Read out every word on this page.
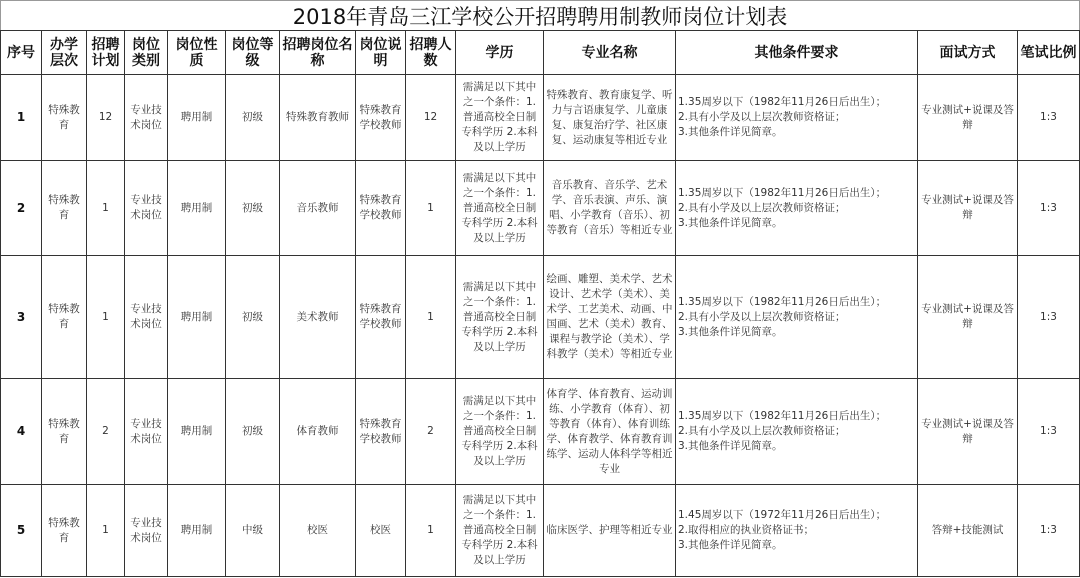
2018年青岛三江学校公开招聘聘用制教师岗位计划表
序号	办学层次	招聘计划	岗位类别	岗位性质	岗位等级	招聘岗位名称	岗位说明	招聘人数	学历	专业名称	其他条件要求	面试方式	笔试比例
1	特殊教育	12	专业技术岗位	聘用制	初级	特殊教育教师	特殊教育学校教师	12	需满足以下其中之一个条件：1.普通高校全日制专科学历 2.本科及以上学历	特殊教育、教育康复学、听力与言语康复学、儿童康复、康复治疗学、社区康复、运动康复等相近专业	1.35周岁以下（1982年11月26日后出生）；
2.具有小学及以上层次教师资格证；
3.其他条件详见简章。	专业测试+说课及答辩	1:3
2	特殊教育	1	专业技术岗位	聘用制	初级	音乐教师	特殊教育学校教师	1	需满足以下其中之一个条件：1.普通高校全日制专科学历 2.本科及以上学历	音乐教育、音乐学、艺术学、音乐表演、声乐、演唱、小学教育（音乐）、初等教育（音乐）等相近专业	1.35周岁以下（1982年11月26日后出生）；
2.具有小学及以上层次教师资格证；
3.其他条件详见简章。	专业测试+说课及答辩	1:3
3	特殊教育	1	专业技术岗位	聘用制	初级	美术教师	特殊教育学校教师	1	需满足以下其中之一个条件：1.普通高校全日制专科学历 2.本科及以上学历	绘画、雕塑、美术学、艺术设计、艺术学（美术）、美术学、工艺美术、动画、中国画、艺术（美术）教育、课程与教学论（美术）、学科教学（美术）等相近专业	1.35周岁以下（1982年11月26日后出生）；
2.具有小学及以上层次教师资格证；
3.其他条件详见简章。	专业测试+说课及答辩	1:3
4	特殊教育	2	专业技术岗位	聘用制	初级	体育教师	特殊教育学校教师	2	需满足以下其中之一个条件：1.普通高校全日制专科学历 2.本科及以上学历	体育学、体育教育、运动训练、小学教育（体育）、初等教育（体育）、体育训练学、体育教学、体育教育训练学、运动人体科学等相近专业	1.35周岁以下（1982年11月26日后出生）；
2.具有小学及以上层次教师资格证；
3.其他条件详见简章。	专业测试+说课及答辩	1:3
5	特殊教育	1	专业技术岗位	聘用制	中级	校医	校医	1	需满足以下其中之一个条件：1.普通高校全日制专科学历 2.本科及以上学历	临床医学、护理等相近专业	1.45周岁以下（1972年11月26日后出生）；
2.取得相应的执业资格证书；
3.其他条件详见简章。	答辩+技能测试	1:3
